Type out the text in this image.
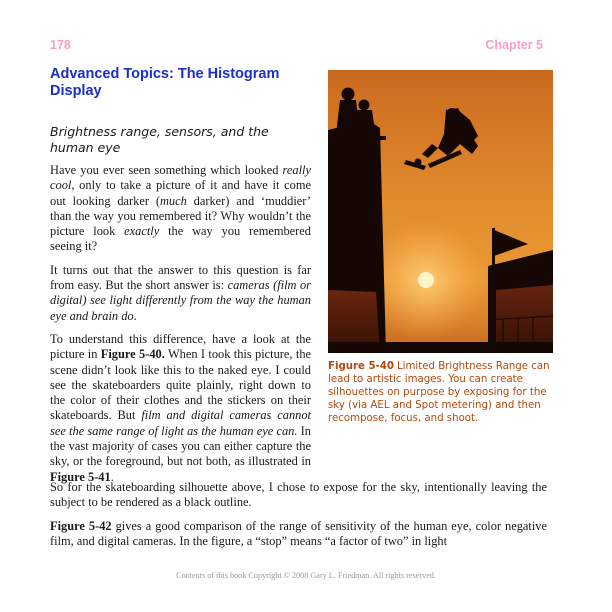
178	Chapter 5
Advanced Topics: The Histogram Display
Brightness range, sensors, and the human eye

Have you ever seen something which looked really cool, only to take a picture of it and have it come out looking darker (much darker) and ‘muddier’ than the way you remembered it? Why wouldn’t the picture look exactly the way you remembered seeing it?

It turns out that the answer to this question is far from easy. But the short answer is: cameras (film or digital) see light differently from the way the human eye and brain do.

To understand this difference, have a look at the picture in Figure 5-40. When I took this picture, the scene didn’t look like this to the naked eye. I could see the skateboarders quite plainly, right down to the color of their clothes and the stickers on their skateboards. But film and digital cameras cannot see the same range of light as the human eye can. In the vast majority of cases you can either capture the sky, or the foreground, but not both, as illustrated in Figure 5-41.

Figure 5-40 Limited Brightness Range can lead to artistic images. You can create silhouettes on purpose by exposing for the sky (via AEL and Spot metering) and then recompose, focus, and shoot.

So for the skateboarding silhouette above, I chose to expose for the sky, intentionally leaving the subject to be rendered as a black outline.

Figure 5-42 gives a good comparison of the range of sensitivity of the human eye, color negative film, and digital cameras. In the figure, a “stop” means “a factor of two” in light

Contents of this book Copyright © 2008 Gary L. Friedman. All rights reserved.
